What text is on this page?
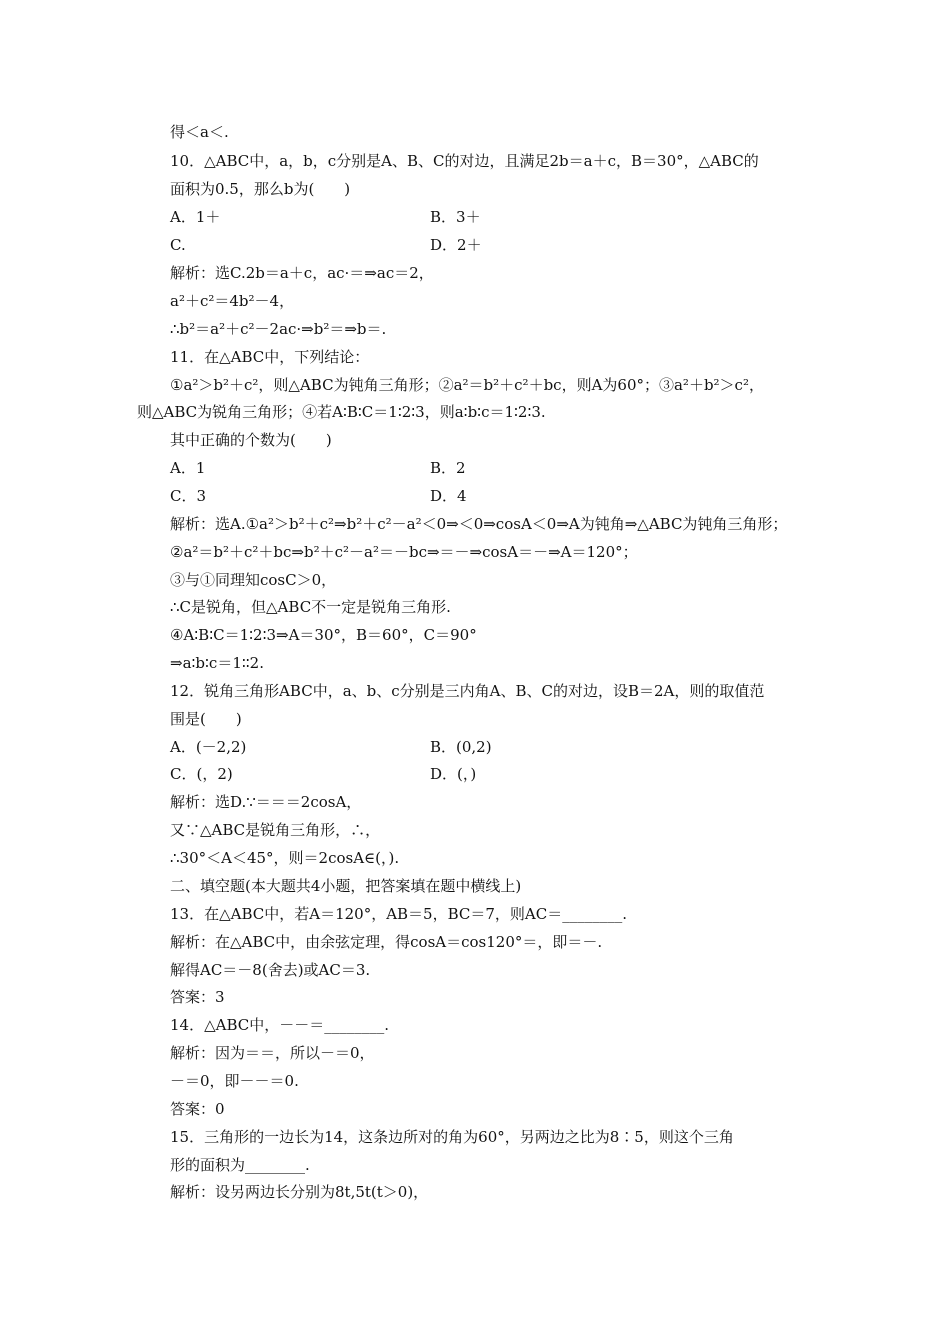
得＜a＜.
10．△ABC中，a，b，c分别是A、B、C的对边，且满足2b＝a＋c，B＝30°，△ABC的
面积为0.5，那么b为(　　)
A．1＋	B．3＋
C.	D．2＋
解析：选C.2b＝a＋c，ac·＝⇒ac＝2，
a²＋c²＝4b²－4，
∴b²＝a²＋c²－2ac·⇒b²＝⇒b＝.
11．在△ABC中，下列结论：
①a²＞b²＋c²，则△ABC为钝角三角形；②a²＝b²＋c²＋bc，则A为60°；③a²＋b²＞c²，
则△ABC为锐角三角形；④若A∶B∶C＝1∶2∶3，则a∶b∶c＝1∶2∶3.
其中正确的个数为(　　)
A．1	B．2
C．3	D．4
解析：选A.①a²＞b²＋c²⇒b²＋c²－a²＜0⇒＜0⇒cosA＜0⇒A为钝角⇒△ABC为钝角三角形；
②a²＝b²＋c²＋bc⇒b²＋c²－a²＝－bc⇒＝－⇒cosA＝－⇒A＝120°；
③与①同理知cosC＞0，
∴C是锐角，但△ABC不一定是锐角三角形.
④A∶B∶C＝1∶2∶3⇒A＝30°，B＝60°，C＝90°
⇒a∶b∶c＝1∶∶2.
12．锐角三角形ABC中，a、b、c分别是三内角A、B、C的对边，设B＝2A，则的取值范
围是(　　)
A．(－2,2)	B．(0,2)
C．(，2)	D．(，)
解析：选D.∵＝＝＝2cosA，
又∵△ABC是锐角三角形，∴，
∴30°＜A＜45°，则＝2cosA∈(，).
二、填空题(本大题共4小题，把答案填在题中横线上)
13．在△ABC中，若A＝120°，AB＝5，BC＝7，则AC＝________.
解析：在△ABC中，由余弦定理，得cosA＝cos120°＝，即＝－.
解得AC＝－8(舍去)或AC＝3.
答案：3
14．△ABC中，－－＝________.
解析：因为＝＝，所以－＝0，
－＝0，即－－＝0.
答案：0
15．三角形的一边长为14，这条边所对的角为60°，另两边之比为8∶5，则这个三角
形的面积为________.
解析：设另两边长分别为8t,5t(t＞0)，
